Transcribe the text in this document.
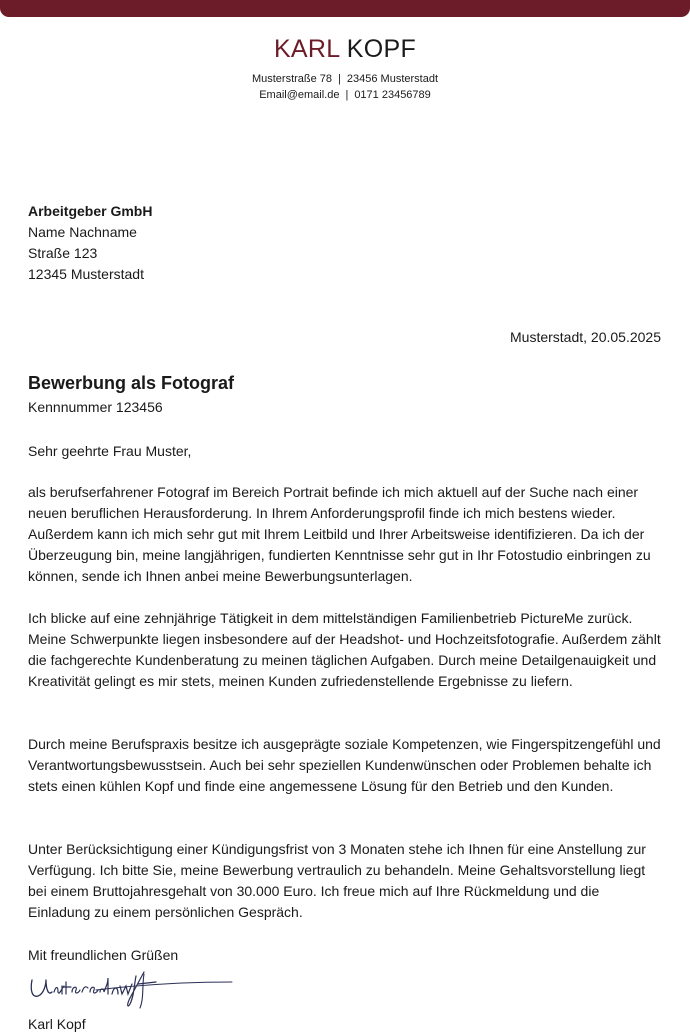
KARL KOPF
Musterstraße 78 | 23456 Musterstadt
Email@email.de | 0171 23456789
Arbeitgeber GmbH
Name Nachname
Straße 123
12345 Musterstadt
Musterstadt, 20.05.2025
Bewerbung als Fotograf
Kennnummer 123456
Sehr geehrte Frau Muster,

als berufserfahrener Fotograf im Bereich Portrait befinde ich mich aktuell auf der Suche nach einer neuen beruflichen Herausforderung. In Ihrem Anforderungsprofil finde ich mich bestens wieder. Außerdem kann ich mich sehr gut mit Ihrem Leitbild und Ihrer Arbeitsweise identifizieren. Da ich der Überzeugung bin, meine langjährigen, fundierten Kenntnisse sehr gut in Ihr Fotostudio einbringen zu können, sende ich Ihnen anbei meine Bewerbungsunterlagen.

Ich blicke auf eine zehnjährige Tätigkeit in dem mittelständigen Familienbetrieb PictureMe zurück. Meine Schwerpunkte liegen insbesondere auf der Headshot- und Hochzeitsfotografie. Außerdem zählt die fachgerechte Kundenberatung zu meinen täglichen Aufgaben. Durch meine Detailgenauigkeit und Kreativität gelingt es mir stets, meinen Kunden zufriedenstellende Ergebnisse zu liefern.

Durch meine Berufspraxis besitze ich ausgeprägte soziale Kompetenzen, wie Fingerspitzengefühl und Verantwortungsbewusstsein. Auch bei sehr speziellen Kundenwünschen oder Problemen behalte ich stets einen kühlen Kopf und finde eine angemessene Lösung für den Betrieb und den Kunden.

Unter Berücksichtigung einer Kündigungsfrist von 3 Monaten stehe ich Ihnen für eine Anstellung zur Verfügung. Ich bitte Sie, meine Bewerbung vertraulich zu behandeln. Meine Gehaltsvorstellung liegt bei einem Bruttojahresgehalt von 30.000 Euro. Ich freue mich auf Ihre Rückmeldung und die Einladung zu einem persönlichen Gespräch.

Mit freundlichen Grüßen
Karl Kopf
